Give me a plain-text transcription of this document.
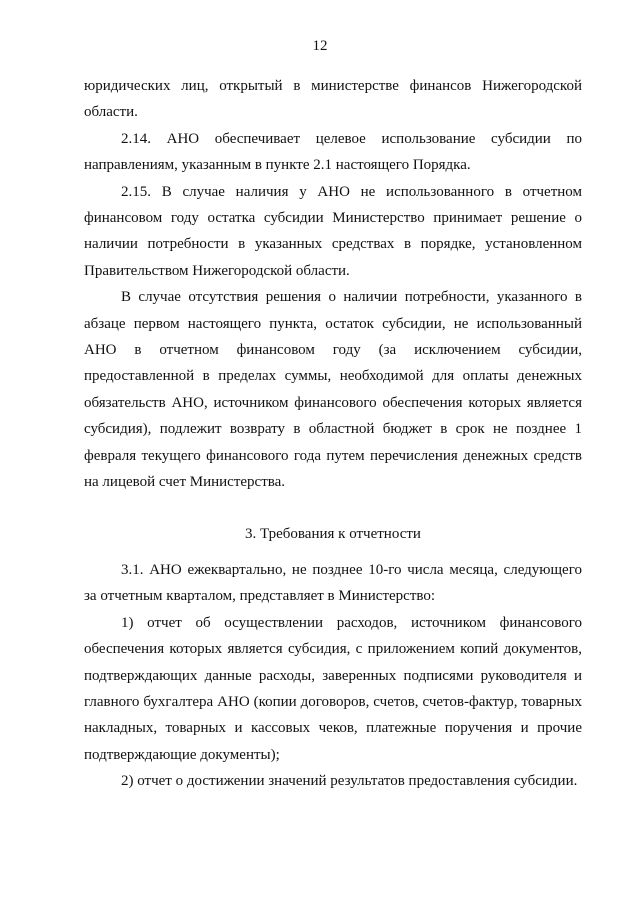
12

юридических лиц, открытый в министерстве финансов Нижегородской области.

2.14. АНО обеспечивает целевое использование субсидии по направлениям, указанным в пункте 2.1 настоящего Порядка.

2.15. В случае наличия у АНО не использованного в отчетном финансовом году остатка субсидии Министерство принимает решение о наличии потребности в указанных средствах в порядке, установленном Правительством Нижегородской области.

В случае отсутствия решения о наличии потребности, указанного в абзаце первом настоящего пункта, остаток субсидии, не использованный АНО в отчетном финансовом году (за исключением субсидии, предоставленной в пределах суммы, необходимой для оплаты денежных обязательств АНО, источником финансового обеспечения которых является субсидия), подлежит возврату в областной бюджет в срок не позднее 1 февраля текущего финансового года путем перечисления денежных средств на лицевой счет Министерства.

3. Требования к отчетности

3.1. АНО ежеквартально, не позднее 10-го числа месяца, следующего за отчетным кварталом, представляет в Министерство:

1) отчет об осуществлении расходов, источником финансового обеспечения которых является субсидия, с приложением копий документов, подтверждающих данные расходы, заверенных подписями руководителя и главного бухгалтера АНО (копии договоров, счетов, счетов-фактур, товарных накладных, товарных и кассовых чеков, платежные поручения и прочие подтверждающие документы);

2) отчет о достижении значений результатов предоставления субсидии.
